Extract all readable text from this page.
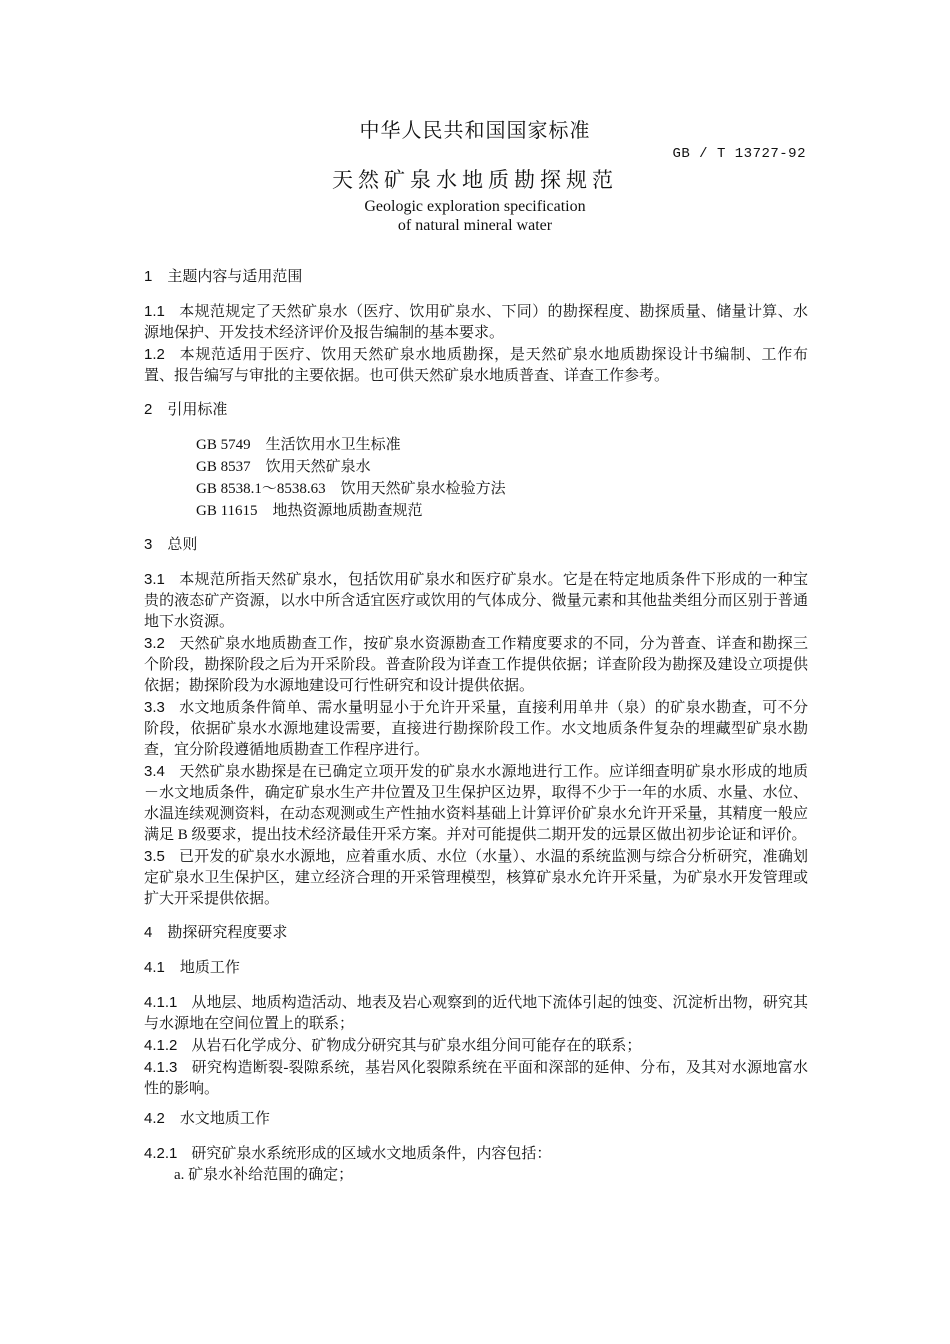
中华人民共和国国家标准
GB / T 13727-92
天然矿泉水地质勘探规范
Geologic exploration specification
of natural mineral water
1　主题内容与适用范围

1.1 本规范规定了天然矿泉水（医疗、饮用矿泉水、下同）的勘探程度、勘探质量、储量计算、水源地保护、开发技术经济评价及报告编制的基本要求。

1.2 本规范适用于医疗、饮用天然矿泉水地质勘探，是天然矿泉水地质勘探设计书编制、工作布置、报告编写与审批的主要依据。也可供天然矿泉水地质普查、详查工作参考。

2　引用标准
GB 5749　生活饮用水卫生标准
GB 8537　饮用天然矿泉水
GB 8538.1～8538.63　饮用天然矿泉水检验方法
GB 11615　地热资源地质勘查规范
3　总则

3.1 本规范所指天然矿泉水，包括饮用矿泉水和医疗矿泉水。它是在特定地质条件下形成的一种宝贵的液态矿产资源，以水中所含适宜医疗或饮用的气体成分、微量元素和其他盐类组分而区别于普通地下水资源。

3.2 天然矿泉水地质勘查工作，按矿泉水资源勘查工作精度要求的不同，分为普查、详查和勘探三个阶段，勘探阶段之后为开采阶段。普查阶段为详查工作提供依据；详查阶段为勘探及建设立项提供依据；勘探阶段为水源地建设可行性研究和设计提供依据。

3.3 水文地质条件简单、需水量明显小于允许开采量，直接利用单井（泉）的矿泉水勘查，可不分阶段，依据矿泉水水源地建设需要，直接进行勘探阶段工作。水文地质条件复杂的埋藏型矿泉水勘查，宜分阶段遵循地质勘查工作程序进行。

3.4 天然矿泉水勘探是在已确定立项开发的矿泉水水源地进行工作。应详细查明矿泉水形成的地质－水文地质条件，确定矿泉水生产井位置及卫生保护区边界，取得不少于一年的水质、水量、水位、水温连续观测资料，在动态观测或生产性抽水资料基础上计算评价矿泉水允许开采量，其精度一般应满足 B 级要求，提出技术经济最佳开采方案。并对可能提供二期开发的远景区做出初步论证和评价。

3.5 已开发的矿泉水水源地，应着重水质、水位（水量）、水温的系统监测与综合分析研究，准确划定矿泉水卫生保护区，建立经济合理的开采管理模型，核算矿泉水允许开采量，为矿泉水开发管理或扩大开采提供依据。

4　勘探研究程度要求
4.1　地质工作

4.1.1 从地层、地质构造活动、地表及岩心观察到的近代地下流体引起的蚀变、沉淀析出物，研究其与水源地在空间位置上的联系；

4.1.2 从岩石化学成分、矿物成分研究其与矿泉水组分间可能存在的联系；

4.1.3 研究构造断裂-裂隙系统，基岩风化裂隙系统在平面和深部的延伸、分布，及其对水源地富水性的影响。

4.2　水文地质工作

4.2.1 研究矿泉水系统形成的区域水文地质条件，内容包括：

a. 矿泉水补给范围的确定；
